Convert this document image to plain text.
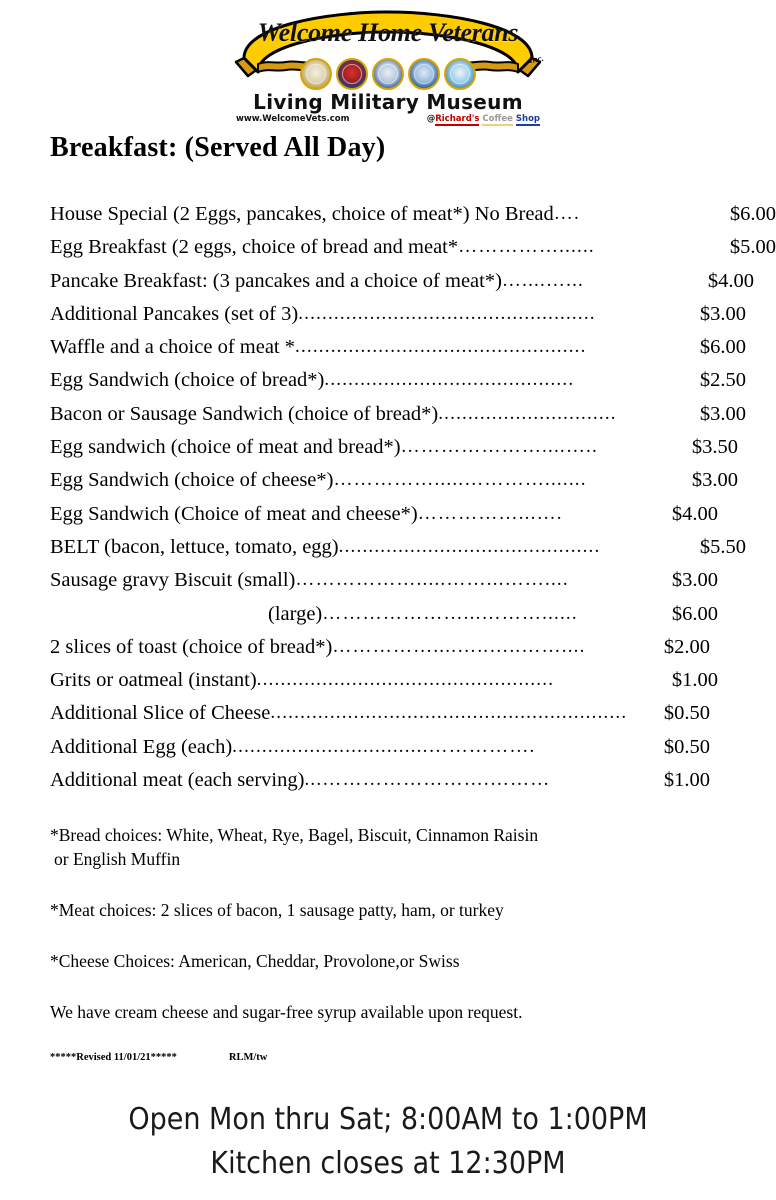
Welcome Home Veterans
Inc.
Living Military Museum
www.WelcomeVets.com	@Richard's Coffee Shop
Breakfast: (Served All Day)
House Special (2 Eggs, pancakes, choice of meat*) No Bread ….	$6.00
Egg Breakfast (2 eggs, choice of bread and meat* ……………......	$5.00
Pancake Breakfast: (3 pancakes and a choice of meat*) …....…...	$4.00
Additional Pancakes (set of 3) ..................................................	$3.00
Waffle and a choice of meat * .................................................	$6.00
Egg Sandwich (choice of bread*) ..........................................	$2.50
Bacon or Sausage Sandwich (choice of bread*) ..............................	$3.00
Egg sandwich (choice of meat and bread*) …………………....…..	$3.50
Egg Sandwich (choice of cheese*) …………….....………….......	$3.00
Egg Sandwich (Choice of meat and cheese*) ……………...….	$4.00
BELT (bacon, lettuce, tomato, egg) ............................................	$5.50
Sausage gravy Biscuit (small) ……………….....……...……....	$3.00
(large) …………………...………......	$6.00
2 slices of toast (choice of bread*) ……………....…..…..……....	$2.00
Grits or oatmeal (instant) ..................................................	$1.00
Additional Slice of Cheese ............................................................	$0.50
Additional Egg (each) .................................…………….	$0.50
Additional meat (each serving) ...…………………….………	$1.00
*Bread choices: White, Wheat, Rye, Bagel, Biscuit, Cinnamon Raisin
or English Muffin
*Meat choices: 2 slices of bacon, 1 sausage patty, ham, or turkey
*Cheese Choices: American, Cheddar, Provolone,or Swiss
We have cream cheese and sugar-free syrup available upon request.
*****Revised 11/01/21*****	RLM/tw
Open Mon thru Sat; 8:00AM to 1:00PM
Kitchen closes at 12:30PM
